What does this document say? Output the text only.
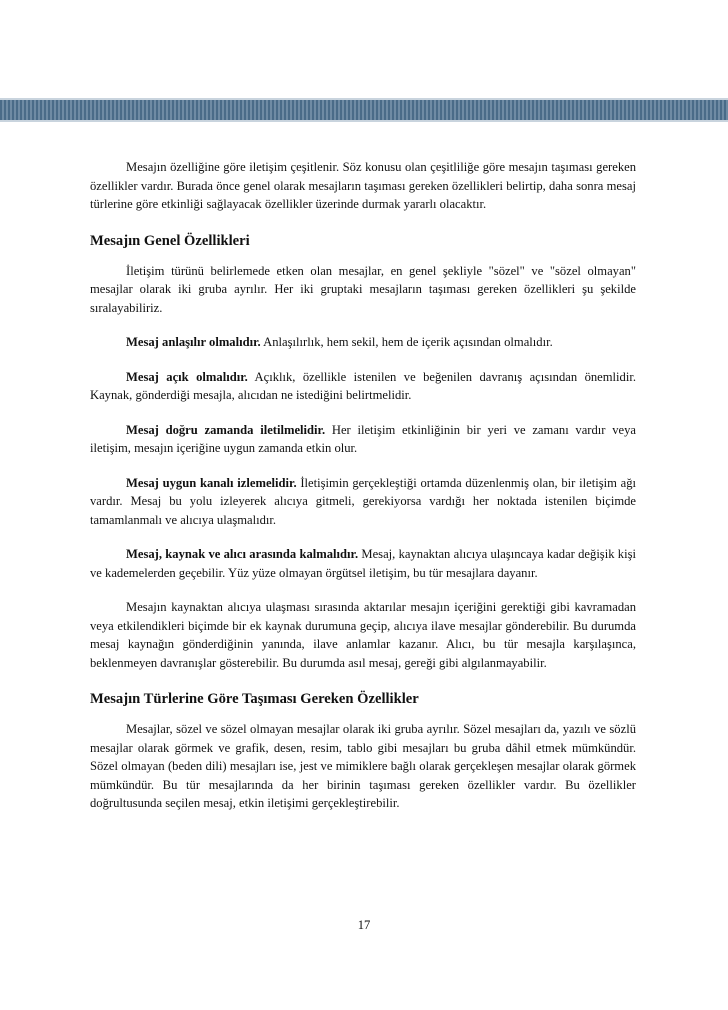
Mesajın özelliğine göre iletişim çeşitlenir. Söz konusu olan çeşitliliğe göre mesajın taşıması gereken özellikler vardır. Burada önce genel olarak mesajların taşıması gereken özellikleri belirtip, daha sonra mesaj türlerine göre etkinliği sağlayacak özellikler üzerinde durmak yararlı olacaktır.

Mesajın Genel Özellikleri

İletişim türünü belirlemede etken olan mesajlar, en genel şekliyle "sözel" ve "sözel olmayan" mesajlar olarak iki gruba ayrılır. Her iki gruptaki mesajların taşıması gereken özellikleri şu şekilde sıralayabiliriz.

Mesaj anlaşılır olmalıdır. Anlaşılırlık, hem sekil, hem de içerik açısından olmalıdır.

Mesaj açık olmalıdır. Açıklık, özellikle istenilen ve beğenilen davranış açısından önemlidir. Kaynak, gönderdiği mesajla, alıcıdan ne istediğini belirtmelidir.

Mesaj doğru zamanda iletilmelidir. Her iletişim etkinliğinin bir yeri ve zamanı vardır veya iletişim, mesajın içeriğine uygun zamanda etkin olur.

Mesaj uygun kanalı izlemelidir. İletişimin gerçekleştiği ortamda düzenlenmiş olan, bir iletişim ağı vardır. Mesaj bu yolu izleyerek alıcıya gitmeli, gerekiyorsa vardığı her noktada istenilen biçimde tamamlanmalı ve alıcıya ulaşmalıdır.

Mesaj, kaynak ve alıcı arasında kalmalıdır. Mesaj, kaynaktan alıcıya ulaşıncaya kadar değişik kişi ve kademelerden geçebilir. Yüz yüze olmayan örgütsel iletişim, bu tür mesajlara dayanır.

Mesajın kaynaktan alıcıya ulaşması sırasında aktarılar mesajın içeriğini gerektiği gibi kavramadan veya etkilendikleri biçimde bir ek kaynak durumuna geçip, alıcıya ilave mesajlar gönderebilir. Bu durumda mesaj kaynağın gönderdiğinin yanında, ilave anlamlar kazanır. Alıcı, bu tür mesajla karşılaşınca, beklenmeyen davranışlar gösterebilir. Bu durumda asıl mesaj, gereği gibi algılanmayabilir.

Mesajın Türlerine Göre Taşıması Gereken Özellikler

Mesajlar, sözel ve sözel olmayan mesajlar olarak iki gruba ayrılır. Sözel mesajları da, yazılı ve sözlü mesajlar olarak görmek ve grafik, desen, resim, tablo gibi mesajları bu gruba dâhil etmek mümkündür. Sözel olmayan (beden dili) mesajları ise, jest ve mimiklere bağlı olarak gerçekleşen mesajlar olarak görmek mümkündür. Bu tür mesajlarında da her birinin taşıması gereken özellikler vardır. Bu özellikler doğrultusunda seçilen mesaj, etkin iletişimi gerçekleştirebilir.

17
